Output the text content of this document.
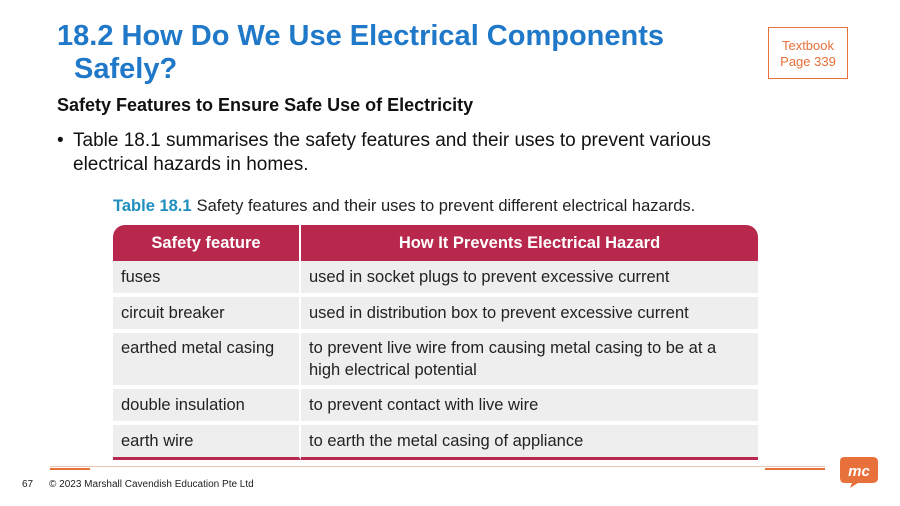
18.2 How Do We Use Electrical Components
Safely?
Textbook
Page 339
Safety Features to Ensure Safe Use of Electricity
• Table 18.1 summarises the safety features and their uses to prevent various electrical hazards in homes.
Table 18.1 Safety features and their uses to prevent different electrical hazards.
Safety feature	How It Prevents Electrical Hazard
fuses	used in socket plugs to prevent excessive current
circuit breaker	used in distribution box to prevent excessive current
earthed metal casing	to prevent live wire from causing metal casing to be at a high electrical potential
double insulation	to prevent contact with live wire
earth wire	to earth the metal casing of appliance
67 © 2023 Marshall Cavendish Education Pte Ltd
mc
